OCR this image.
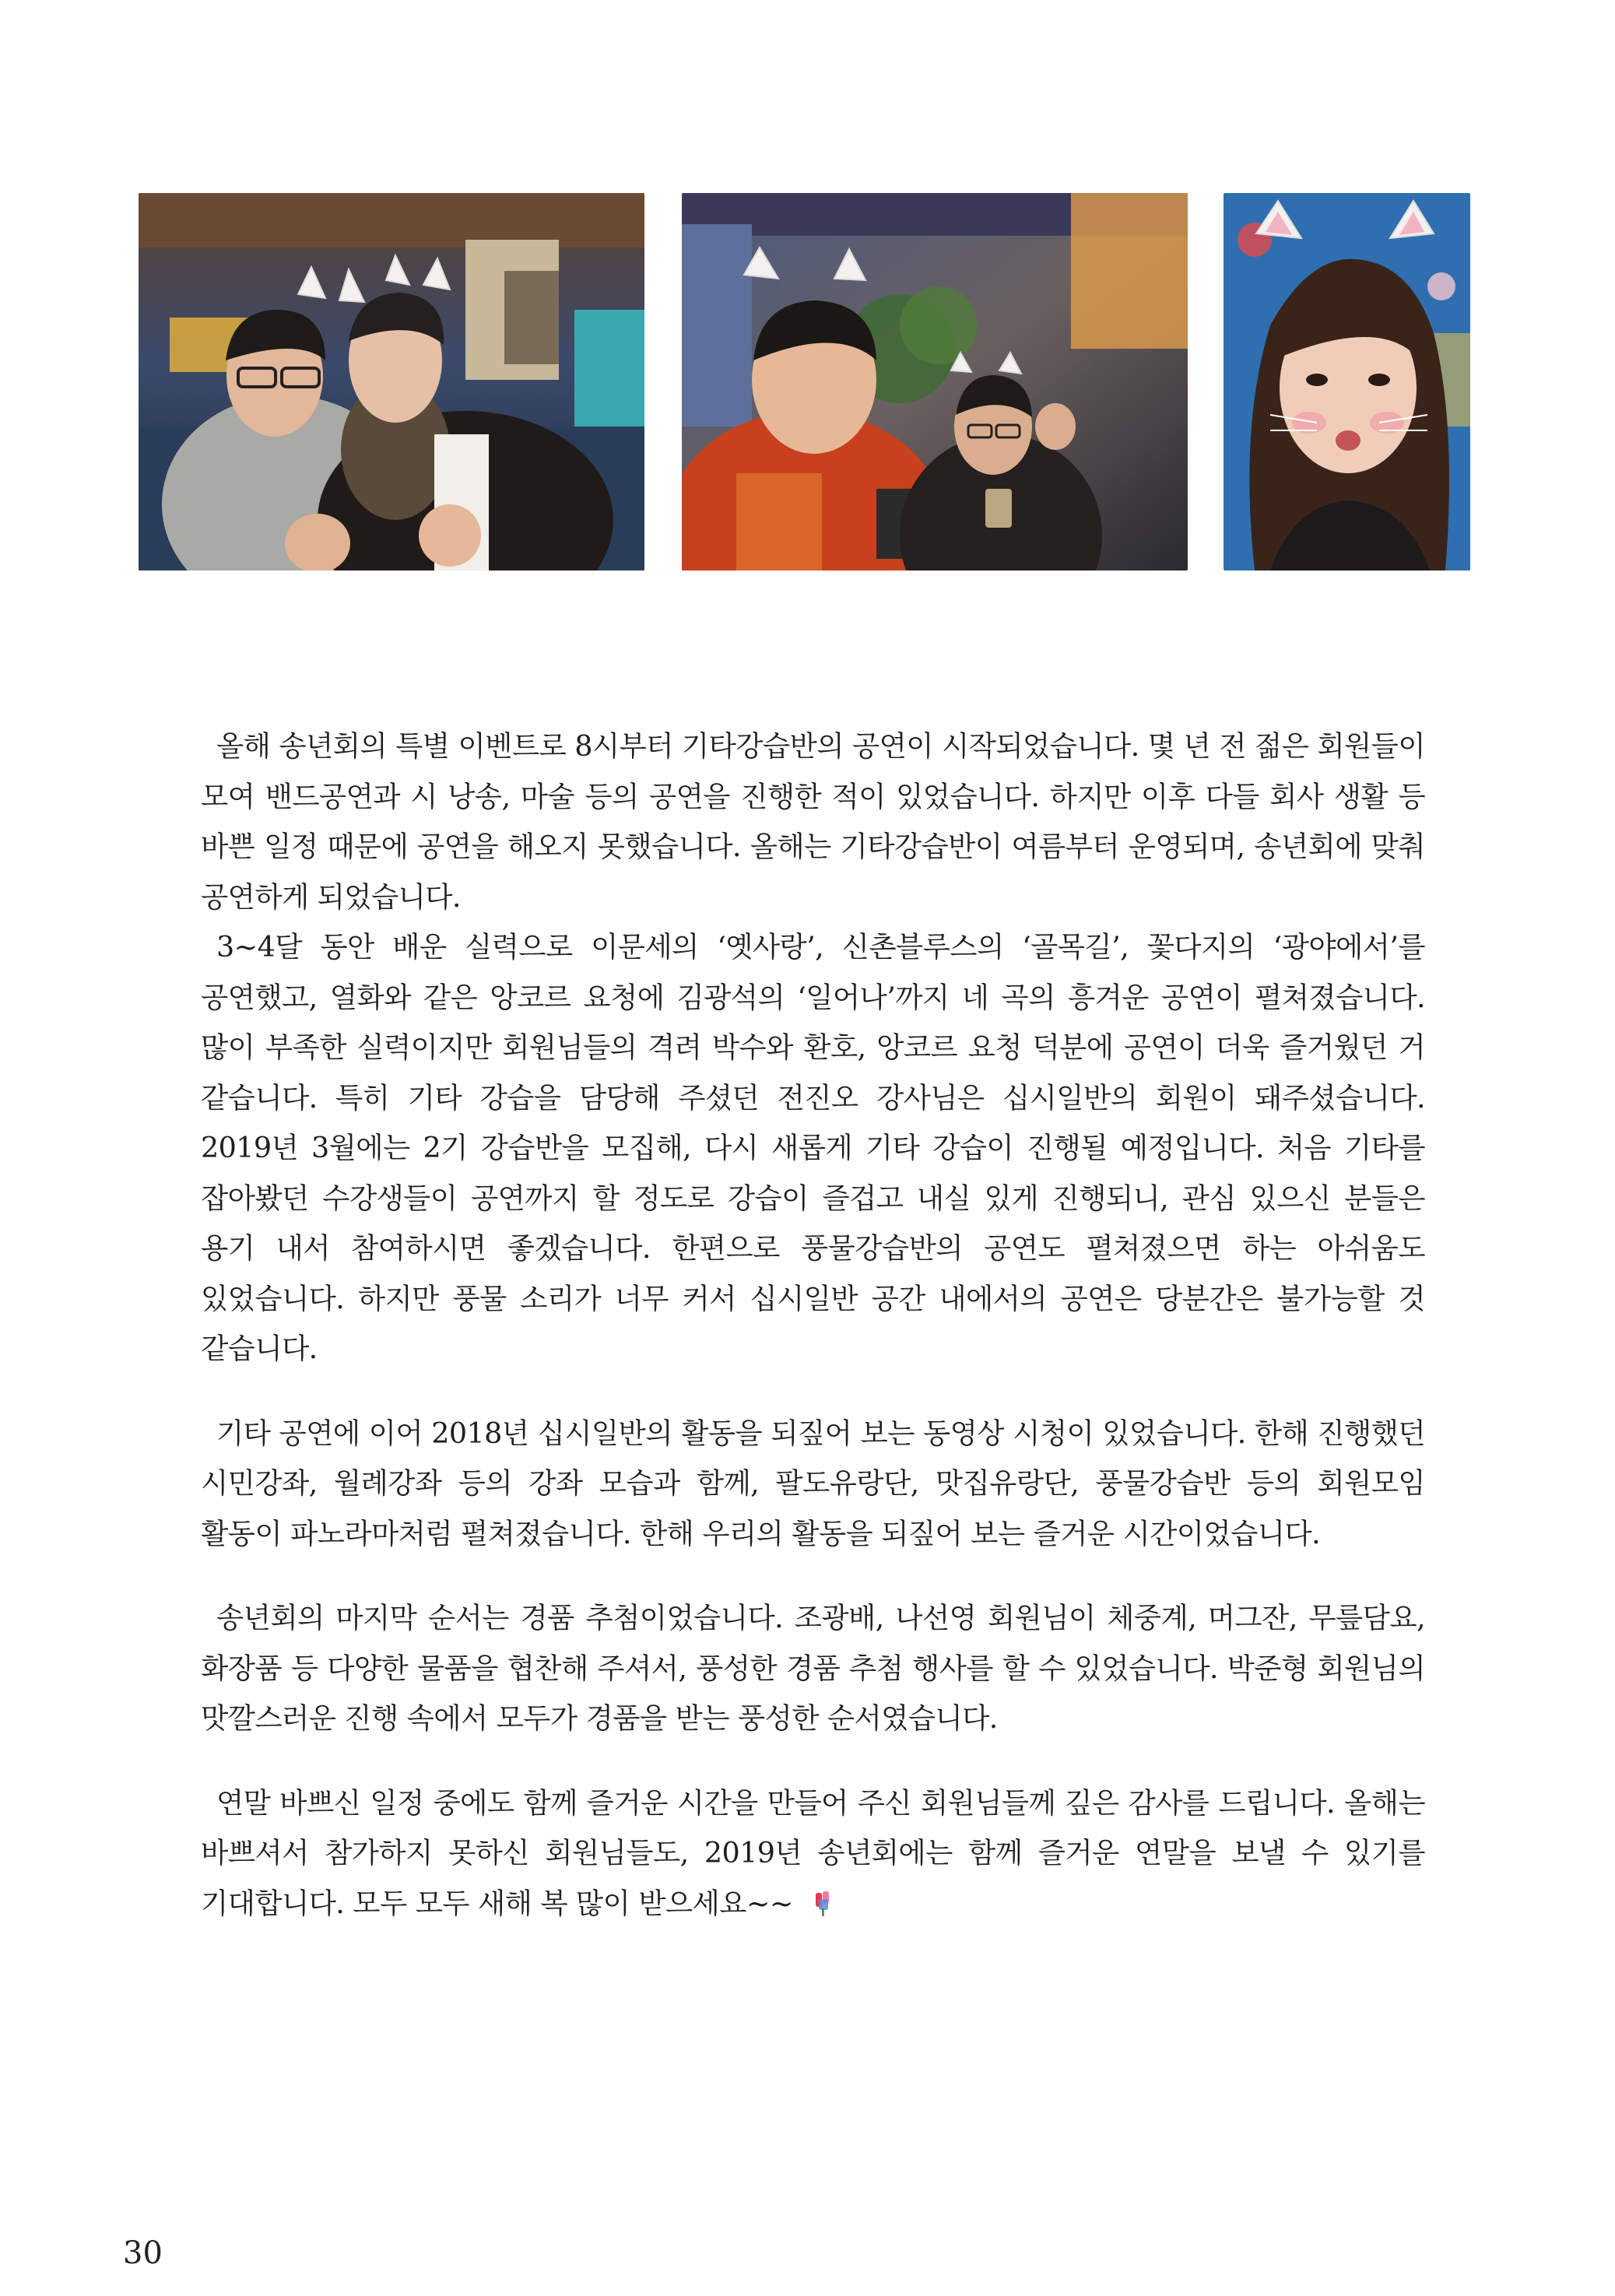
올해 송년회의 특별 이벤트로 8시부터 기타강습반의 공연이 시작되었습니다. 몇 년 전 젊은 회원들이 모여 밴드공연과 시 낭송, 마술 등의 공연을 진행한 적이 있었습니다. 하지만 이후 다들 회사 생활 등 바쁜 일정 때문에 공연을 해오지 못했습니다. 올해는 기타강습반이 여름부터 운영되며, 송년회에 맞춰 공연하게 되었습니다.

3~4달 동안 배운 실력으로 이문세의 ‘옛사랑’, 신촌블루스의 ‘골목길’, 꽃다지의 ‘광야에서’를 공연했고, 열화와 같은 앙코르 요청에 김광석의 ‘일어나’까지 네 곡의 흥겨운 공연이 펼쳐졌습니다. 많이 부족한 실력이지만 회원님들의 격려 박수와 환호, 앙코르 요청 덕분에 공연이 더욱 즐거웠던 거 같습니다. 특히 기타 강습을 담당해 주셨던 전진오 강사님은 십시일반의 회원이 돼주셨습니다. 2019년 3월에는 2기 강습반을 모집해, 다시 새롭게 기타 강습이 진행될 예정입니다. 처음 기타를 잡아봤던 수강생들이 공연까지 할 정도로 강습이 즐겁고 내실 있게 진행되니, 관심 있으신 분들은 용기 내서 참여하시면 좋겠습니다. 한편으로 풍물강습반의 공연도 펼쳐졌으면 하는 아쉬움도 있었습니다. 하지만 풍물 소리가 너무 커서 십시일반 공간 내에서의 공연은 당분간은 불가능할 것 같습니다.

기타 공연에 이어 2018년 십시일반의 활동을 되짚어 보는 동영상 시청이 있었습니다. 한해 진행했던 시민강좌, 월례강좌 등의 강좌 모습과 함께, 팔도유랑단, 맛집유랑단, 풍물강습반 등의 회원모임 활동이 파노라마처럼 펼쳐졌습니다. 한해 우리의 활동을 되짚어 보는 즐거운 시간이었습니다.

송년회의 마지막 순서는 경품 추첨이었습니다. 조광배, 나선영 회원님이 체중계, 머그잔, 무릎담요, 화장품 등 다양한 물품을 협찬해 주셔서, 풍성한 경품 추첨 행사를 할 수 있었습니다. 박준형 회원님의 맛깔스러운 진행 속에서 모두가 경품을 받는 풍성한 순서였습니다.

연말 바쁘신 일정 중에도 함께 즐거운 시간을 만들어 주신 회원님들께 깊은 감사를 드립니다. 올해는 바쁘셔서 참가하지 못하신 회원님들도, 2019년 송년회에는 함께 즐거운 연말을 보낼 수 있기를 기대합니다. 모두 모두 새해 복 많이 받으세요~~

30
